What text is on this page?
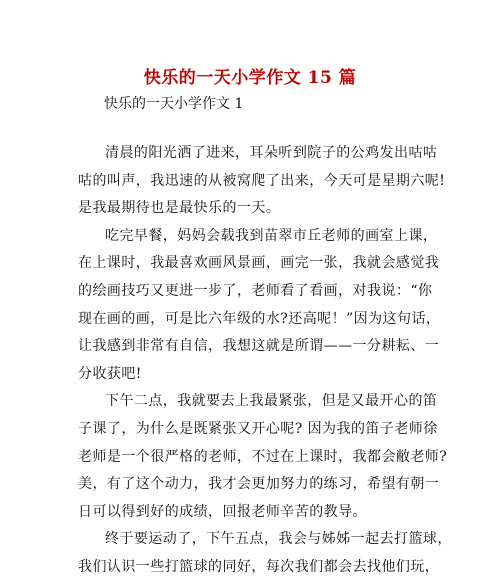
快乐的一天小学作文 15 篇
快乐的一天小学作文 1
清晨的阳光洒了进来，耳朵听到院子的公鸡发出咕咕
咕的叫声，我迅速的从被窝爬了出来，今天可是星期六呢!
是我最期待也是最快乐的一天。
吃完早餐，妈妈会载我到苗翠市丘老师的画室上课，
在上课时，我最喜欢画风景画，画完一张，我就会感觉我
的绘画技巧又更进一步了，老师看了看画，对我说：“你
现在画的画，可是比六年级的水?还高呢！”因为这句话，
让我感到非常有自信，我想这就是所谓——一分耕耘、一
分收获吧!
下午二点，我就要去上我最紧张，但是又最开心的笛
子课了，为什么是既紧张又开心呢? 因为我的笛子老师徐
老师是一个很严格的老师，不过在上课时，我都会敝老师?
美，有了这个动力，我才会更加努力的练习，希望有朝一
日可以得到好的成绩，回报老师辛苦的教导。
终于要运动了，下午五点，我会与姊姊一起去打篮球，
我们认识一些打篮球的同好，每次我们都会去找他们玩，
